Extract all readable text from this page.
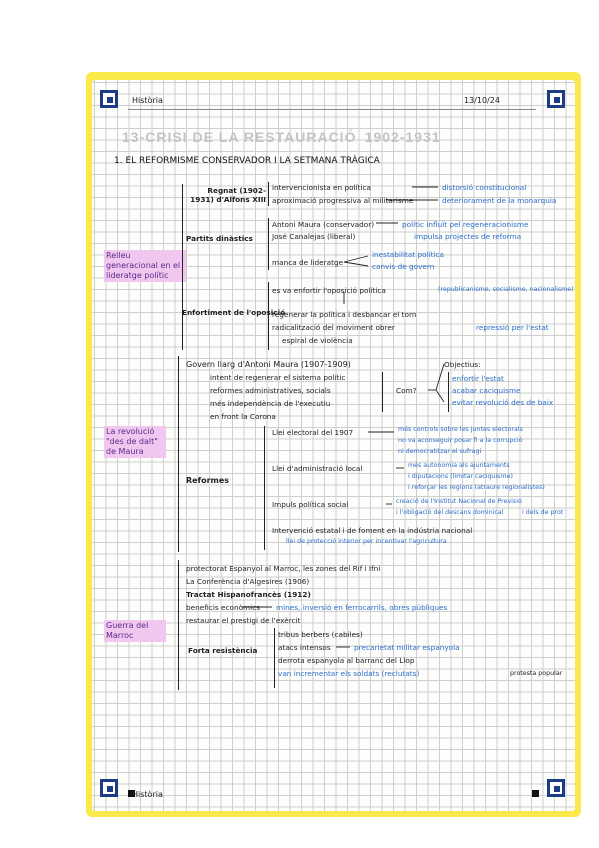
Història	13/10/24
Història
13-CRISI DE LA RESTAURACIÓ 1902-1931
1. EL REFORMISME CONSERVADOR I LA SETMANA TRÀGICA
Relleu generacional en el lideratge polític
Regnat (1902-1931) d'Alfons XIII
intervencionista en política
aproximació progressiva al militarisme
distorsió constitucional
deteriorament de la monarquia
Partits dinàstics
Antoni Maura (conservador)
José Canalejas (liberal)
manca de lideratge
polític influït pel regeneracionisme
impulsa projectes de reforma
inestabilitat política
canvis de govern
Enfortiment de l'oposició
es va enfortir l'oposició política	(republicanisme, socialisme, nacionalisme)
regenerar la política i desbancar el torn
radicalització del moviment obrer	repressió per l'estat
espiral de violència
La revolució "des de dalt" de Maura
Govern llarg d'Antoni Maura (1907-1909)
intent de regenerar el sistema polític
reformes administratives, socials
més independència de l'executiu
en front la Corona
Com?
Objectius:
enfortir l'estat
acabar caciquisme
evitar revolució des de baix
Reformes
Llei electoral del 1907	més controls sobre les juntes electorals
no va aconseguir posar fi a la corrupció
ni democratitzar el sufragi
Llei d'administració local	més autonomia als ajuntaments
i diputacions (limitar caciquisme)
i reforçar les regions (atraure regionalistes)
Impuls política social	creació de l'Institut Nacional de Previsió
i l'obligació del descans dominical	i dels de prot
Intervenció estatal i de foment en la indústria nacional
llei de protecció interior per incentivar l'agricultura
Guerra del Marroc
protectorat Espanyol al Marroc, les zones del Rif i Ifni
La Conferència d'Algesires (1906)
Tractat Hispanofrancès (1912)
beneficis econòmics mines, inversió en ferrocarrils, obres públiques
restaurar el prestigi de l'exèrcit
Forta resistència
tribus berbers (cabiles)
atacs intensos	precarietat militar espanyola
derrota espanyola al barranc del Llop
van incrementar els soldats (reclutats)	protesta popular
